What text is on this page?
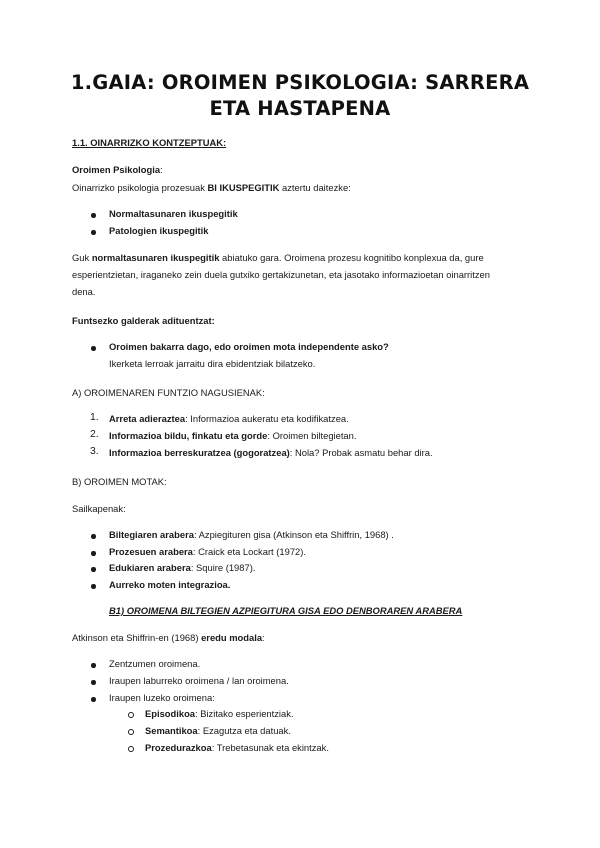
1.GAIA: OROIMEN PSIKOLOGIA: SARRERA
ETA HASTAPENA
1.1. OINARRIZKO KONTZEPTUAK:
Oroimen Psikologia:
Oinarrizko psikologia prozesuak BI IKUSPEGITIK aztertu daitezke:
Normaltasunaren ikuspegitik
Patologien ikuspegitik
Guk normaltasunaren ikuspegitik abiatuko gara. Oroimena prozesu kognitibo konplexua da, gure
esperientzietan, iraganeko zein duela gutxiko gertakizunetan, eta jasotako informazioetan oinarritzen
dena.
Funtsezko galderak adituentzat:
Oroimen bakarra dago, edo oroimen mota independente asko?
Ikerketa lerroak jarraitu dira ebidentziak bilatzeko.
A) OROIMENAREN FUNTZIO NAGUSIENAK:
1. Arreta adieraztea: Informazioa aukeratu eta kodifikatzea.
2. Informazioa bildu, finkatu eta gorde: Oroimen biltegietan.
3. Informazioa berreskuratzea (gogoratzea): Nola? Probak asmatu behar dira.
B) OROIMEN MOTAK:
Sailkapenak:
Biltegiaren arabera: Azpiegituren gisa (Atkinson eta Shiffrin, 1968) .
Prozesuen arabera: Craick eta Lockart (1972).
Edukiaren arabera: Squire (1987).
Aurreko moten integrazioa.
B1) OROIMENA BILTEGIEN AZPIEGITURA GISA EDO DENBORAREN ARABERA
Atkinson eta Shiffrin-en (1968) eredu modala:
Zentzumen oroimena.
Iraupen laburreko oroimena / lan oroimena.
Iraupen luzeko oroimena:
Episodikoa: Bizitako esperientziak.
Semantikoa: Ezagutza eta datuak.
Prozedurazkoa: Trebetasunak eta ekintzak.
